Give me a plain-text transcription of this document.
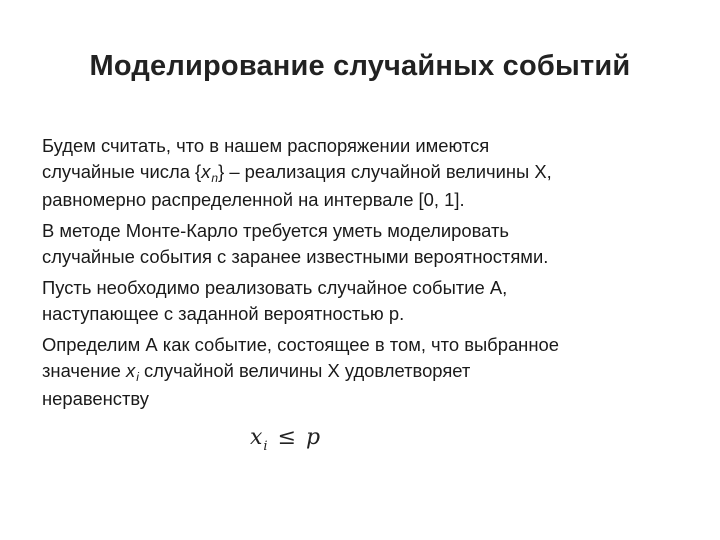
Моделирование случайных событий
Будем считать, что в нашем распоряжении имеются
случайные числа $\{x_n\}$ – реализация случайной величины X,
равномерно распределенной на интервале [0, 1].
В методе Монте-Карло требуется уметь моделировать
случайные события с заранее известными вероятностями.
Пусть необходимо реализовать случайное событие А,
наступающее с заданной вероятностью р.
Определим А как событие, состоящее в том, что выбранное
значение $x_i$ случайной величины X удовлетворяет
неравенству
$x_i \le p$
